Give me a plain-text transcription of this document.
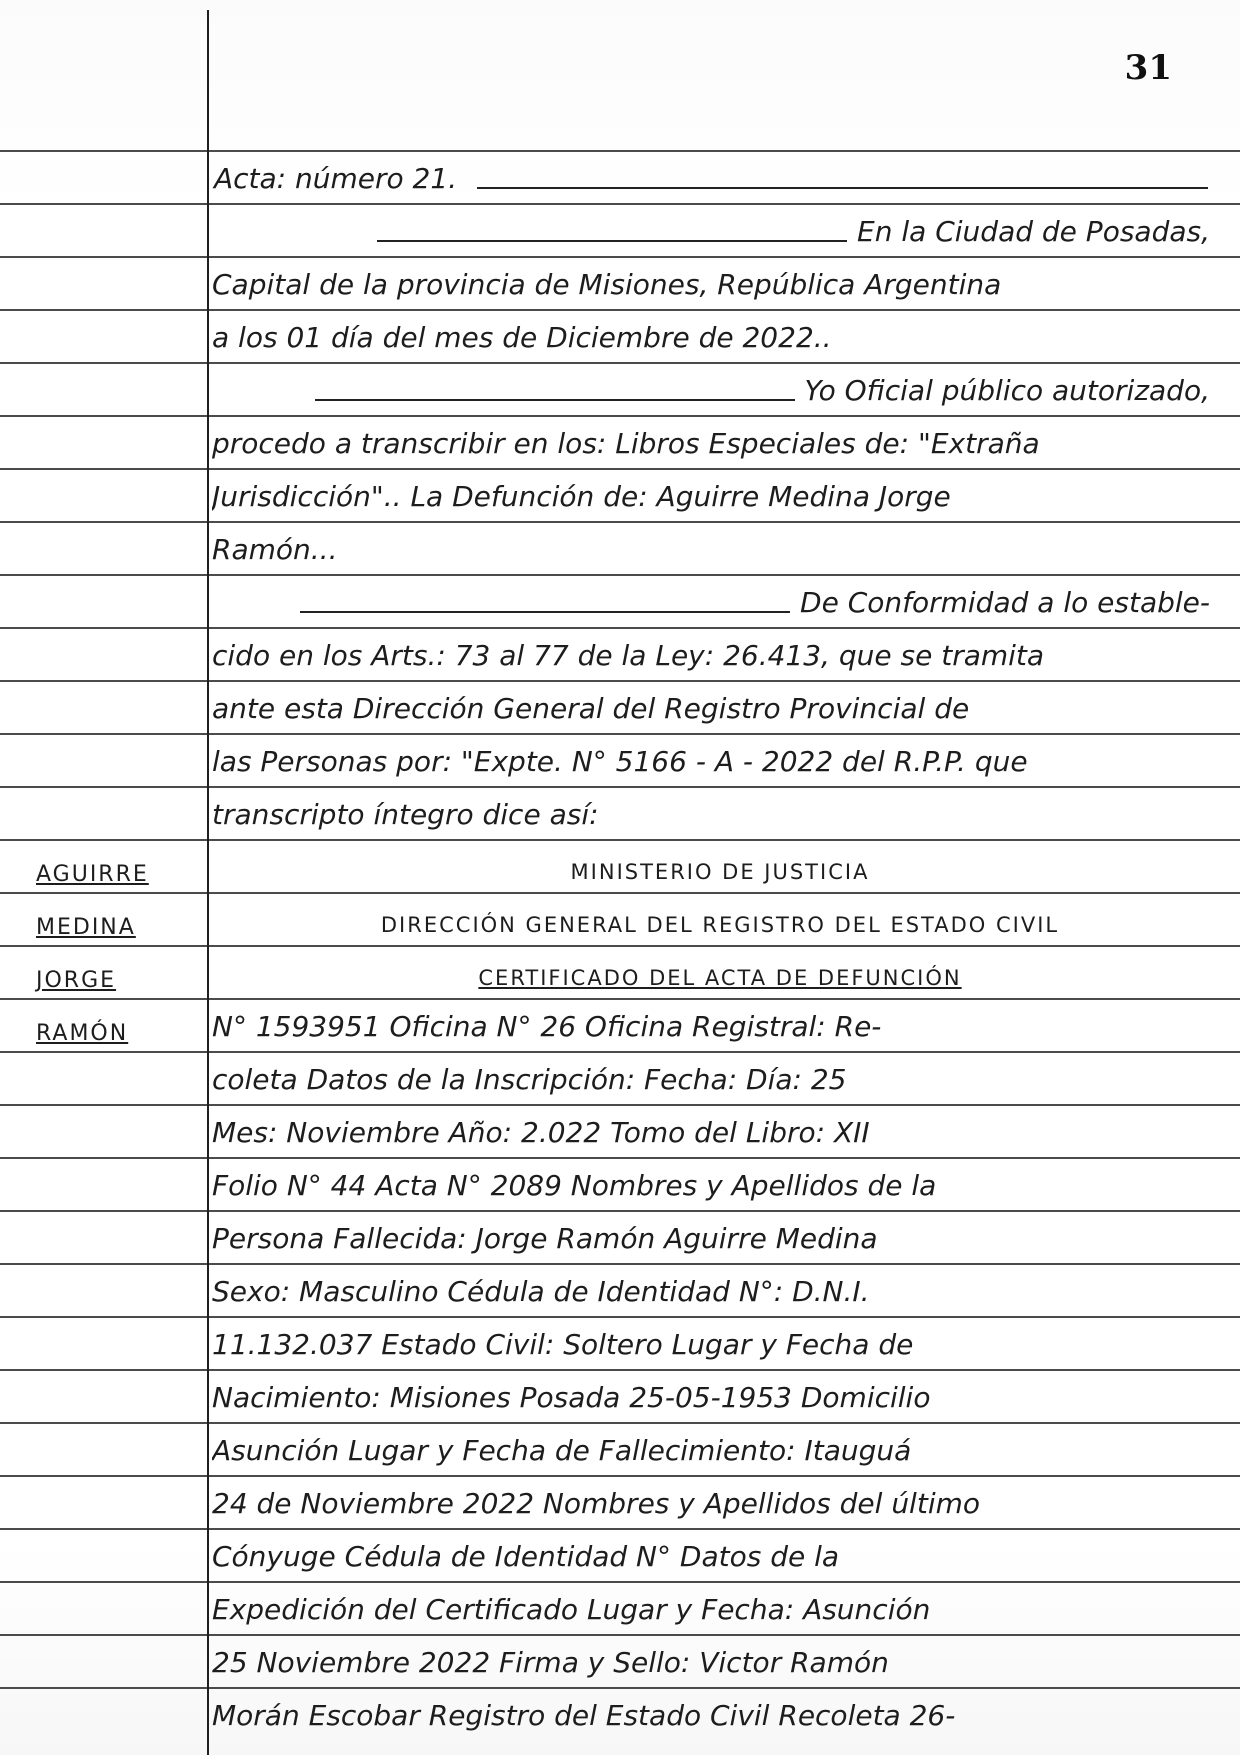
31
AGUIRRE
MEDINA
JORGE
RAMÓN
Acta: número 21.
En la Ciudad de Posadas,
Capital de la provincia de Misiones, República Argentina
a los 01 día del mes de Diciembre de 2022..
Yo Oficial público autorizado,
procedo a transcribir en los: Libros Especiales de: "Extraña
Jurisdicción".. La Defunción de: Aguirre Medina Jorge
Ramón...
De Conformidad a lo estable-
cido en los Arts.: 73 al 77 de la Ley: 26.413, que se tramita
ante esta Dirección General del Registro Provincial de
las Personas por: "Expte. N° 5166 - A - 2022 del R.P.P. que
transcripto íntegro dice así:
MINISTERIO DE JUSTICIA
DIRECCIÓN GENERAL DEL REGISTRO DEL ESTADO CIVIL
CERTIFICADO DEL ACTA DE DEFUNCIÓN
N° 1593951 Oficina N° 26 Oficina Registral: Re-
coleta Datos de la Inscripción: Fecha: Día: 25
Mes: Noviembre Año: 2.022 Tomo del Libro: XII
Folio N° 44 Acta N° 2089 Nombres y Apellidos de la
Persona Fallecida: Jorge Ramón Aguirre Medina
Sexo: Masculino Cédula de Identidad N°: D.N.I.
11.132.037 Estado Civil: Soltero Lugar y Fecha de
Nacimiento: Misiones Posada 25-05-1953 Domicilio
Asunción Lugar y Fecha de Fallecimiento: Itauguá
24 de Noviembre 2022 Nombres y Apellidos del último
Cónyuge Cédula de Identidad N° Datos de la
Expedición del Certificado Lugar y Fecha: Asunción
25 Noviembre 2022 Firma y Sello: Victor Ramón
Morán Escobar Registro del Estado Civil Recoleta 26-
